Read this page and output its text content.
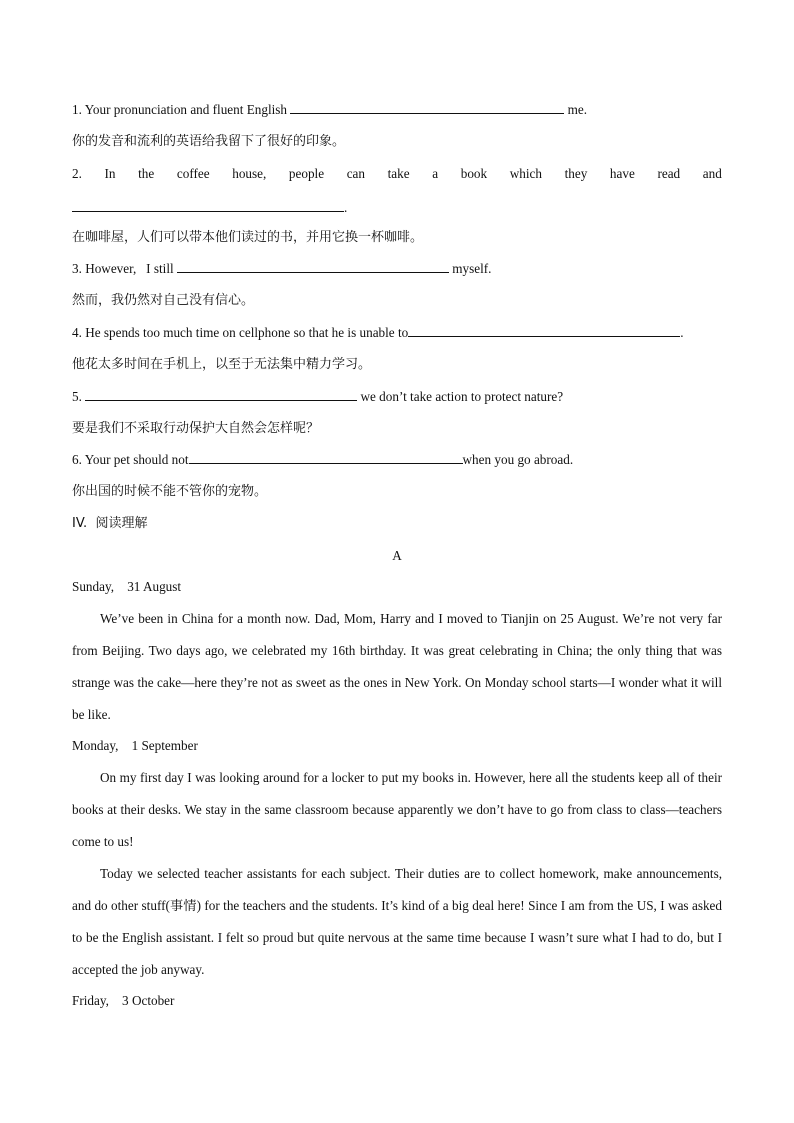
1. Your pronunciation and fluent English	me.
你的发音和流利的英语给我留下了很好的印象。
2. In the coffee house, people can take a book which they have read and
.
在咖啡屋，人们可以带本他们读过的书，并用它换一杯咖啡。
3. However,   I still	myself.
然而，我仍然对自己没有信心。
4. He spends too much time on cellphone so that he is unable to	.
他花太多时间在手机上，以至于无法集中精力学习。
5.	we don’t take action to protect nature?
要是我们不采取行动保护大自然会怎样呢？
6. Your pet should not	when you go abroad.
你出国的时候不能不管你的宠物。
IV.  阅读理解
A
Sunday,    31 August
We’ve been in China for a month now. Dad, Mom, Harry and I moved to Tianjin on 25 August. We’re not very far from Beijing. Two days ago, we celebrated my 16th birthday. It was great celebrating in China; the only thing that was strange was the cake—here they’re not as sweet as the ones in New York. On Monday school starts—I wonder what it will be like.
Monday,    1 September
On my first day I was looking around for a locker to put my books in. However, here all the students keep all of their books at their desks. We stay in the same classroom because apparently we don’t have to go from class to class—teachers come to us!
Today we selected teacher assistants for each subject. Their duties are to collect homework, make announcements, and do other stuff(事情) for the teachers and the students. It’s kind of a big deal here! Since I am from the US, I was asked to be the English assistant. I felt so proud but quite nervous at the same time because I wasn’t sure what I had to do, but I accepted the job anyway.
Friday,    3 October
